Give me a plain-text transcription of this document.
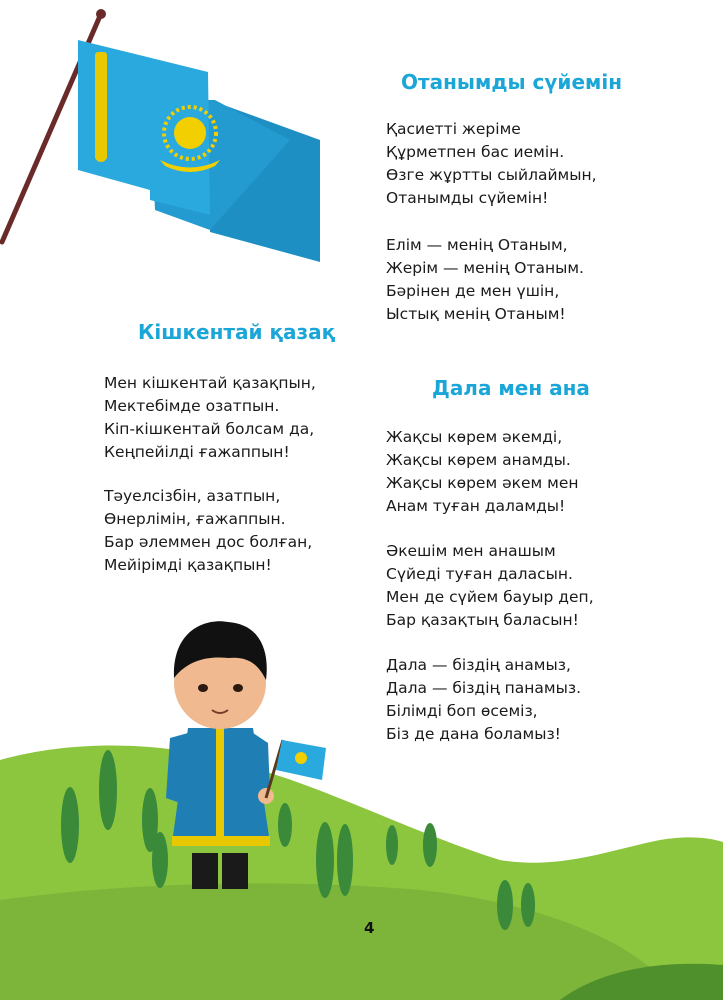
Отанымды сүйемін
Қасиетті жеріме
Құрметпен бас иемін.
Өзге жұртты сыйлаймын,
Отанымды сүйемін!
Елім — менің Отаным,
Жерім — менің Отаным.
Бәрінен де мен үшін,
Ыстық менің Отаным!
Кішкентай қазақ
Мен кішкентай қазақпын,
Мектебімде озатпын.
Кіп-кішкентай болсам да,
Кеңпейілді ғажаппын!
Тәуелсізбін, азатпын,
Өнерлімін, ғажаппын.
Бар әлеммен дос болған,
Мейірімді қазақпын!
Дала мен ана
Жақсы көрем әкемді,
Жақсы көрем анамды.
Жақсы көрем әкем мен
Анам туған даламды!
Әкешім мен анашым
Сүйеді туған даласын.
Мен де сүйем бауыр деп,
Бар қазақтың баласын!
Дала — біздің анамыз,
Дала — біздің панамыз.
Білімді боп өсеміз,
Біз де дана боламыз!
4
